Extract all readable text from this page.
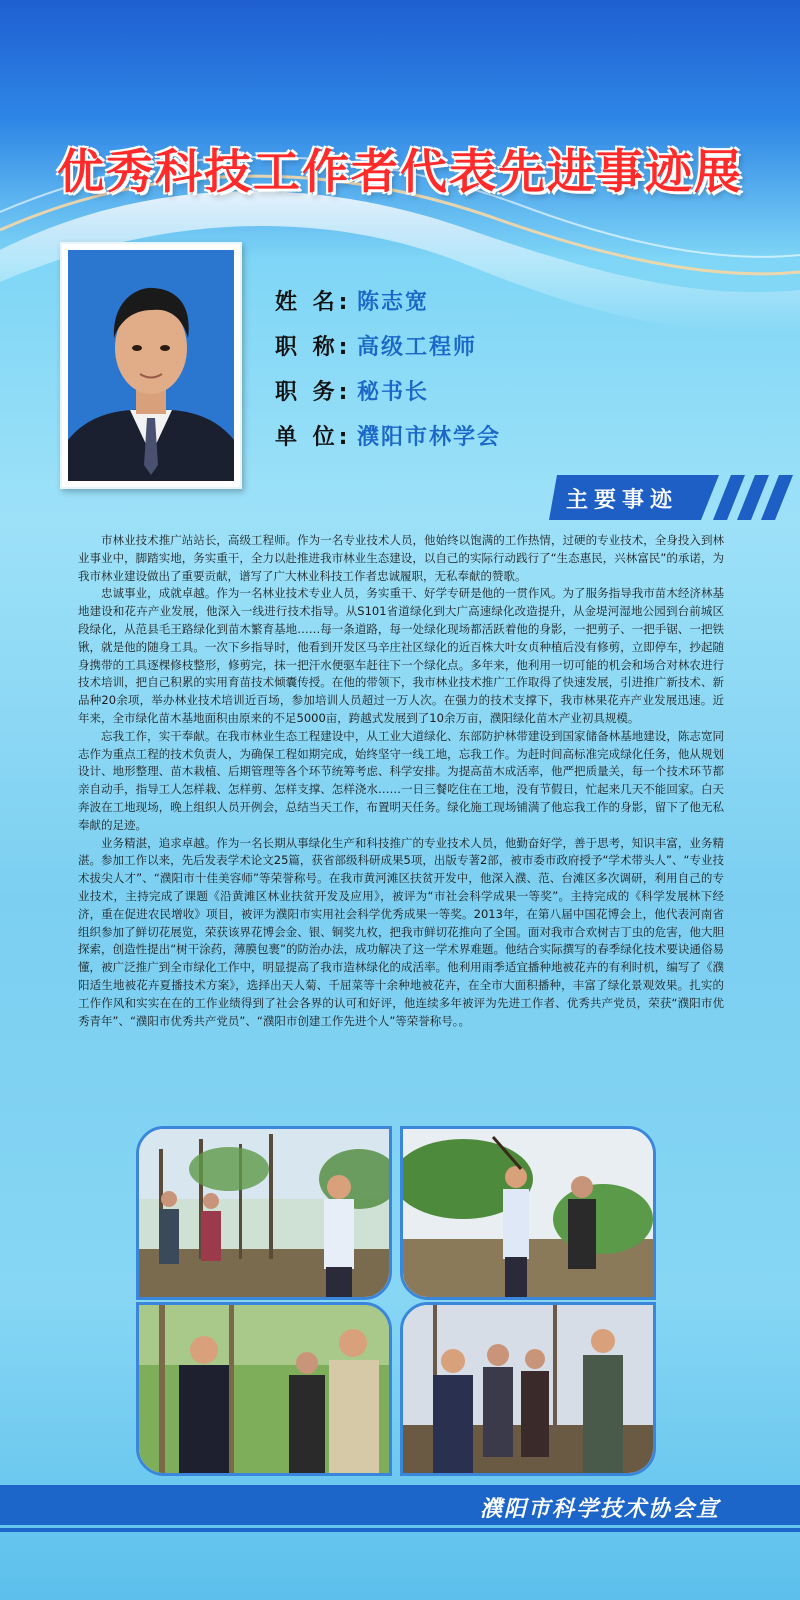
优秀科技工作者代表先进事迹展
姓 名: 陈志宽
职 称: 高级工程师
职 务: 秘书长
单 位: 濮阳市林学会
主要事迹

市林业技术推广站站长，高级工程师。作为一名专业技术人员，他始终以饱满的工作热情，过硬的专业技术，全身投入到林业事业中，脚踏实地，务实重干，全力以赴推进我市林业生态建设，以自己的实际行动践行了“生态惠民，兴林富民”的承诺，为我市林业建设做出了重要贡献，谱写了广大林业科技工作者忠诚履职，无私奉献的赞歌。

忠诚事业，成就卓越。作为一名林业技术专业人员，务实重干、好学专研是他的一贯作风。为了服务指导我市苗木经济林基地建设和花卉产业发展，他深入一线进行技术指导。从S101省道绿化到大广高速绿化改造提升，从金堤河湿地公园到台前城区段绿化，从范县毛王路绿化到苗木繁育基地……每一条道路，每一处绿化现场都活跃着他的身影，一把剪子、一把手锯、一把铁锹，就是他的随身工具。一次下乡指导时，他看到开发区马辛庄社区绿化的近百株大叶女贞种植后没有修剪，立即停车，抄起随身携带的工具逐棵修枝整形，修剪完，抹一把汗水便驱车赶往下一个绿化点。多年来，他利用一切可能的机会和场合对林农进行技术培训，把自己积累的实用育苗技术倾囊传授。在他的带领下，我市林业技术推广工作取得了快速发展，引进推广新技术、新品种20余项，举办林业技术培训近百场，参加培训人员超过一万人次。在强力的技术支撑下，我市林果花卉产业发展迅速。近年来，全市绿化苗木基地面积由原来的不足5000亩，跨越式发展到了10余万亩，濮阳绿化苗木产业初具规模。

忘我工作，实干奉献。在我市林业生态工程建设中，从工业大道绿化、东部防护林带建设到国家储备林基地建设，陈志宽同志作为重点工程的技术负责人，为确保工程如期完成，始终坚守一线工地，忘我工作。为赶时间高标准完成绿化任务，他从规划设计、地形整理、苗木栽植、后期管理等各个环节统筹考虑、科学安排。为提高苗木成活率，他严把质量关，每一个技术环节都亲自动手，指导工人怎样栽、怎样剪、怎样支撑、怎样浇水……一日三餐吃住在工地，没有节假日，忙起来几天不能回家。白天奔波在工地现场，晚上组织人员开例会，总结当天工作，布置明天任务。绿化施工现场铺满了他忘我工作的身影，留下了他无私奉献的足迹。

业务精湛，追求卓越。作为一名长期从事绿化生产和科技推广的专业技术人员，他勤奋好学，善于思考，知识丰富，业务精湛。参加工作以来，先后发表学术论文25篇，获省部级科研成果5项，出版专著2部，被市委市政府授予“学术带头人”、“专业技术拔尖人才”、“濮阳市十佳美容师”等荣誉称号。在我市黄河滩区扶贫开发中，他深入濮、范、台滩区多次调研，利用自己的专业技术，主持完成了课题《沿黄滩区林业扶贫开发及应用》，被评为“市社会科学成果一等奖”。主持完成的《科学发展林下经济，重在促进农民增收》项目，被评为濮阳市实用社会科学优秀成果一等奖。2013年，在第八届中国花博会上，他代表河南省组织参加了鲜切花展览，荣获该界花博会金、银、铜奖九枚，把我市鲜切花推向了全国。面对我市合欢树吉丁虫的危害，他大胆探索，创造性提出“树干涂药，薄膜包裹”的防治办法，成功解决了这一学术界难题。他结合实际撰写的春季绿化技术要诀通俗易懂，被广泛推广到全市绿化工作中，明显提高了我市造林绿化的成活率。他利用雨季适宜播种地被花卉的有利时机，编写了《濮阳适生地被花卉夏播技术方案》，选择出天人菊、千屈菜等十余种地被花卉，在全市大面积播种，丰富了绿化景观效果。扎实的工作作风和实实在在的工作业绩得到了社会各界的认可和好评，他连续多年被评为先进工作者、优秀共产党员，荣获“濮阳市优秀青年”、“濮阳市优秀共产党员”、“濮阳市创建工作先进个人”等荣誉称号。。

濮阳市科学技术协会宣
